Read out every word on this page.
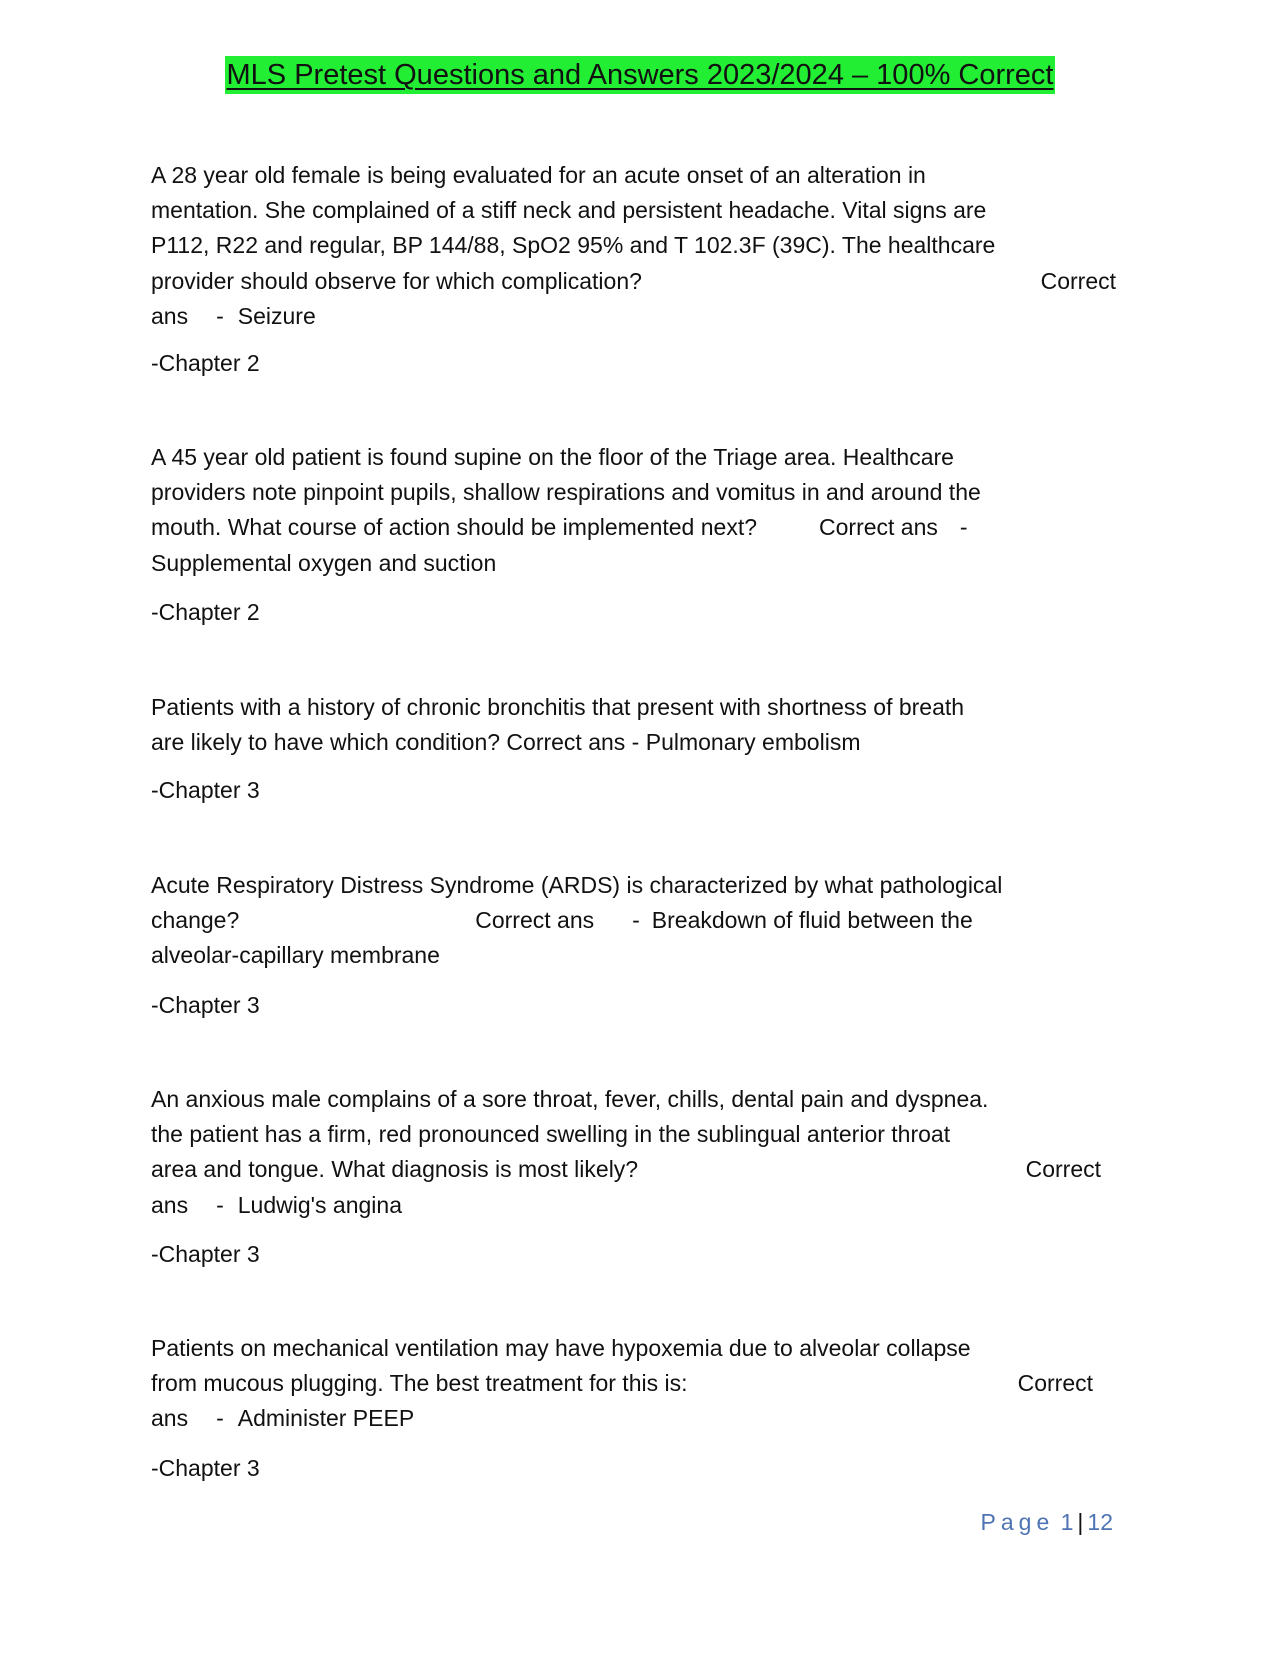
MLS Pretest Questions and Answers 2023/2024 – 100% Correct

A 28 year old female is being evaluated for an acute onset of an alteration in

mentation. She complained of a stiff neck and persistent headache. Vital signs are

P112, R22 and regular, BP 144/88, SpO2 95% and T 102.3F (39C). The healthcare

provider should observe for which complication?	Correct

ans - Seizure

-Chapter 2

A 45 year old patient is found supine on the floor of the Triage area. Healthcare

providers note pinpoint pupils, shallow respirations and vomitus in and around the

mouth. What course of action should be implemented next?	Correct ans -

Supplemental oxygen and suction

-Chapter 2

Patients with a history of chronic bronchitis that present with shortness of breath

are likely to have which condition? Correct ans - Pulmonary embolism

-Chapter 3

Acute Respiratory Distress Syndrome (ARDS) is characterized by what pathological

change?	Correct ans - Breakdown of fluid between the

alveolar-capillary membrane

-Chapter 3

An anxious male complains of a sore throat, fever, chills, dental pain and dyspnea.

the patient has a firm, red pronounced swelling in the sublingual anterior throat

area and tongue. What diagnosis is most likely?	Correct

ans - Ludwig's angina

-Chapter 3

Patients on mechanical ventilation may have hypoxemia due to alveolar collapse

from mucous plugging. The best treatment for this is:	Correct

ans - Administer PEEP

-Chapter 3
Page 1 | 12
